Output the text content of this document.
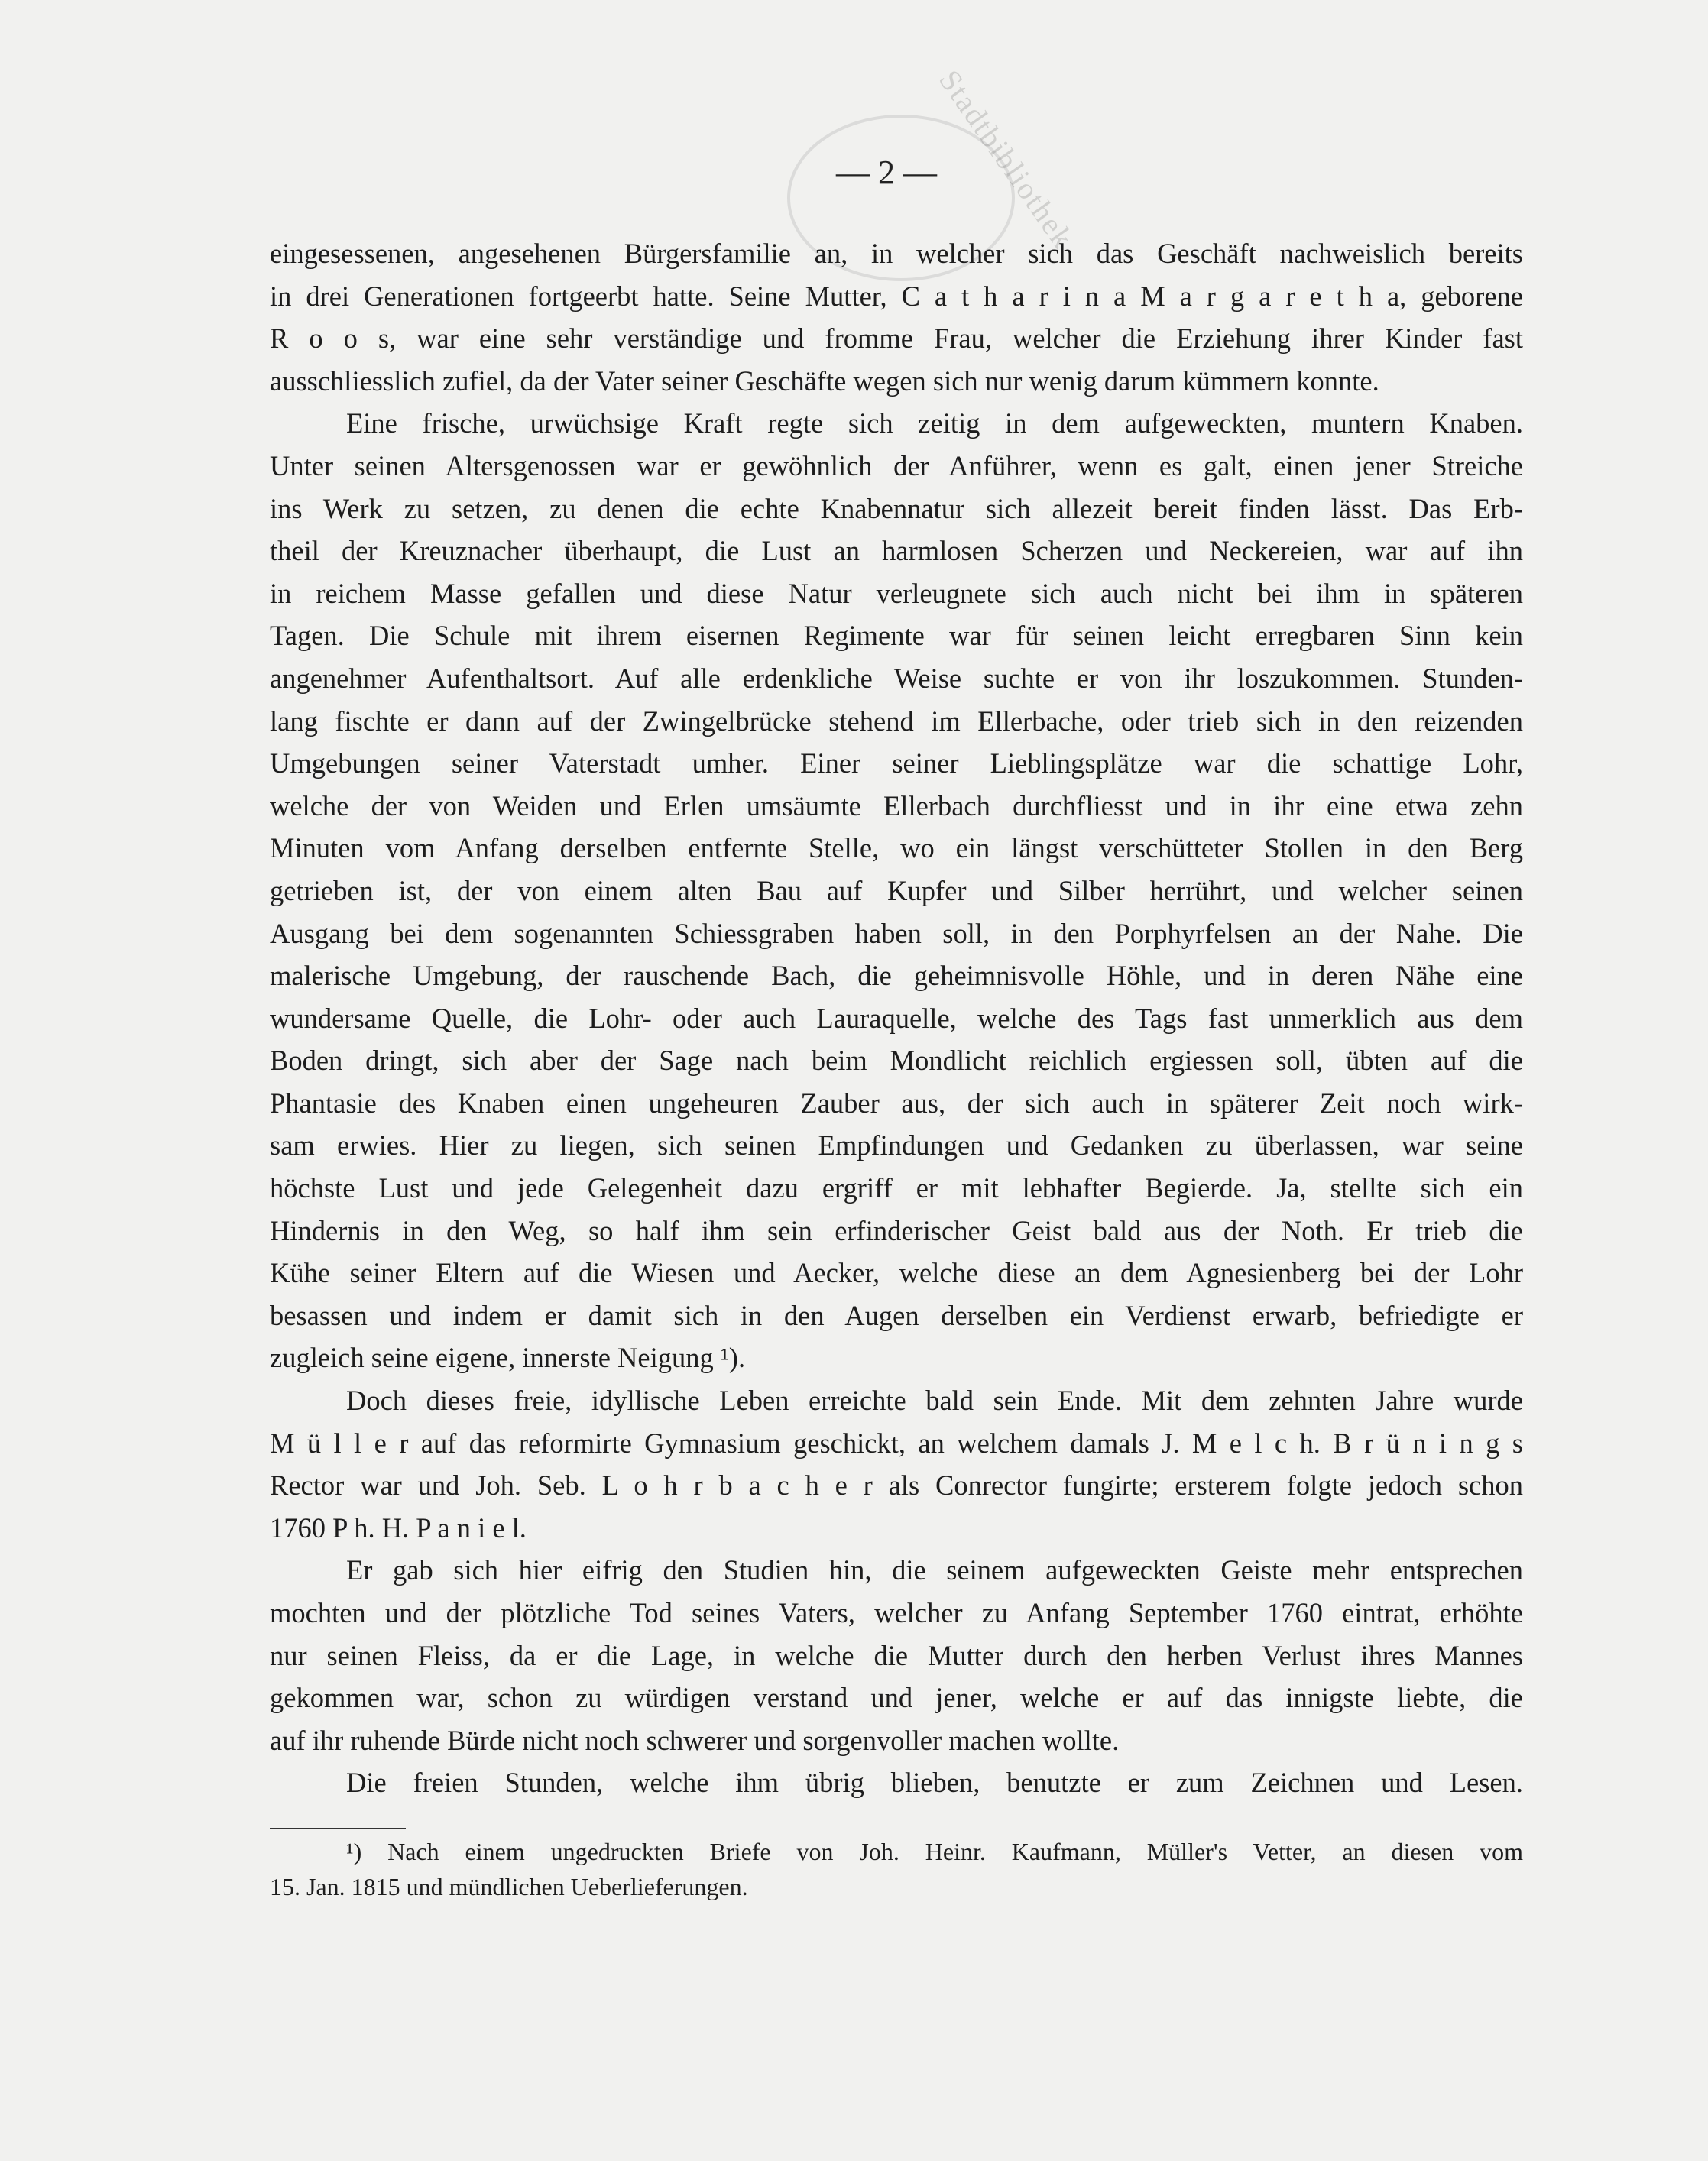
Stadtbibliothek
— 2 —
eingesessenen, angesehenen Bürgersfamilie an, in welcher sich das Geschäft nachweislich bereits
in drei Generationen fortgeerbt hatte. Seine Mutter, C a t h a r i n a M a r g a r e t h a, geborene
R o o s, war eine sehr verständige und fromme Frau, welcher die Erziehung ihrer Kinder fast
ausschliesslich zufiel, da der Vater seiner Geschäfte wegen sich nur wenig darum kümmern konnte.
Eine frische, urwüchsige Kraft regte sich zeitig in dem aufgeweckten, muntern Knaben.
Unter seinen Altersgenossen war er gewöhnlich der Anführer, wenn es galt, einen jener Streiche
ins Werk zu setzen, zu denen die echte Knabennatur sich allezeit bereit finden lässt. Das Erb-
theil der Kreuznacher überhaupt, die Lust an harmlosen Scherzen und Neckereien, war auf ihn
in reichem Masse gefallen und diese Natur verleugnete sich auch nicht bei ihm in späteren
Tagen. Die Schule mit ihrem eisernen Regimente war für seinen leicht erregbaren Sinn kein
angenehmer Aufenthaltsort. Auf alle erdenkliche Weise suchte er von ihr loszukommen. Stunden-
lang fischte er dann auf der Zwingelbrücke stehend im Ellerbache, oder trieb sich in den reizenden
Umgebungen seiner Vaterstadt umher. Einer seiner Lieblingsplätze war die schattige Lohr,
welche der von Weiden und Erlen umsäumte Ellerbach durchfliesst und in ihr eine etwa zehn
Minuten vom Anfang derselben entfernte Stelle, wo ein längst verschütteter Stollen in den Berg
getrieben ist, der von einem alten Bau auf Kupfer und Silber herrührt, und welcher seinen
Ausgang bei dem sogenannten Schiessgraben haben soll, in den Porphyrfelsen an der Nahe. Die
malerische Umgebung, der rauschende Bach, die geheimnisvolle Höhle, und in deren Nähe eine
wundersame Quelle, die Lohr- oder auch Lauraquelle, welche des Tags fast unmerklich aus dem
Boden dringt, sich aber der Sage nach beim Mondlicht reichlich ergiessen soll, übten auf die
Phantasie des Knaben einen ungeheuren Zauber aus, der sich auch in späterer Zeit noch wirk-
sam erwies. Hier zu liegen, sich seinen Empfindungen und Gedanken zu überlassen, war seine
höchste Lust und jede Gelegenheit dazu ergriff er mit lebhafter Begierde. Ja, stellte sich ein
Hindernis in den Weg, so half ihm sein erfinderischer Geist bald aus der Noth. Er trieb die
Kühe seiner Eltern auf die Wiesen und Aecker, welche diese an dem Agnesienberg bei der Lohr
besassen und indem er damit sich in den Augen derselben ein Verdienst erwarb, befriedigte er
zugleich seine eigene, innerste Neigung ¹).
Doch dieses freie, idyllische Leben erreichte bald sein Ende. Mit dem zehnten Jahre wurde
M ü l l e r auf das reformirte Gymnasium geschickt, an welchem damals J. M e l c h. B r ü n i n g s
Rector war und Joh. Seb. L o h r b a c h e r als Conrector fungirte; ersterem folgte jedoch schon
1760 P h. H. P a n i e l.
Er gab sich hier eifrig den Studien hin, die seinem aufgeweckten Geiste mehr entsprechen
mochten und der plötzliche Tod seines Vaters, welcher zu Anfang September 1760 eintrat, erhöhte
nur seinen Fleiss, da er die Lage, in welche die Mutter durch den herben Verlust ihres Mannes
gekommen war, schon zu würdigen verstand und jener, welche er auf das innigste liebte, die
auf ihr ruhende Bürde nicht noch schwerer und sorgenvoller machen wollte.
Die freien Stunden, welche ihm übrig blieben, benutzte er zum Zeichnen und Lesen.
¹) Nach einem ungedruckten Briefe von Joh. Heinr. Kaufmann, Müller's Vetter, an diesen vom
15. Jan. 1815 und mündlichen Ueberlieferungen.
